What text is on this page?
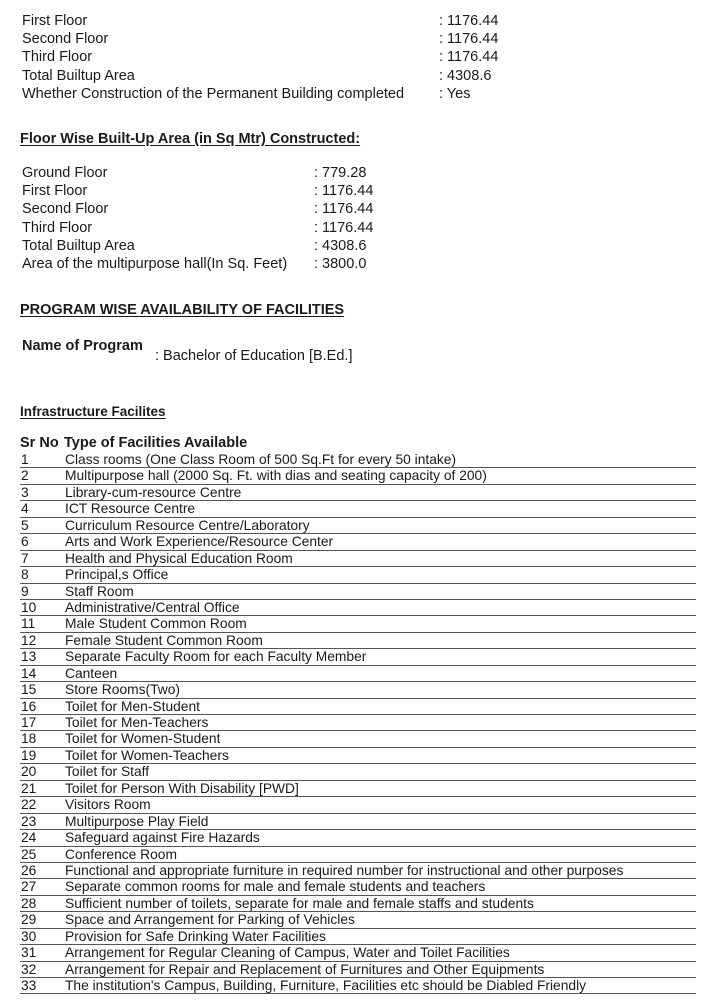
First Floor	: 1176.44
Second Floor	: 1176.44
Third Floor	: 1176.44
Total Builtup Area	: 4308.6
Whether Construction of the Permanent Building completed	: Yes
Floor Wise Built-Up Area (in Sq Mtr) Constructed:
Ground Floor	: 779.28
First Floor	: 1176.44
Second Floor	: 1176.44
Third Floor	: 1176.44
Total Builtup Area	: 4308.6
Area of the multipurpose hall(In Sq. Feet)	: 3800.0
PROGRAM WISE AVAILABILITY OF FACILITIES
Name of Program
: Bachelor of Education [B.Ed.]
Infrastructure Facilites
Sr No Type of Facilities Available
1	Class rooms (One Class Room of 500 Sq.Ft for every 50 intake)
2	Multipurpose hall (2000 Sq. Ft. with dias and seating capacity of 200)
3	Library-cum-resource Centre
4	ICT Resource Centre
5	Curriculum Resource Centre/Laboratory
6	Arts and Work Experience/Resource Center
7	Health and Physical Education Room
8	Principal,s Office
9	Staff Room
10	Administrative/Central Office
11	Male Student Common Room
12	Female Student Common Room
13	Separate Faculty Room for each Faculty Member
14	Canteen
15	Store Rooms(Two)
16	Toilet for Men-Student
17	Toilet for Men-Teachers
18	Toilet for Women-Student
19	Toilet for Women-Teachers
20	Toilet for Staff
21	Toilet for Person With Disability [PWD]
22	Visitors Room
23	Multipurpose Play Field
24	Safeguard against Fire Hazards
25	Conference Room
26	Functional and appropriate furniture in required number for instructional and other purposes
27	Separate common rooms for male and female students and teachers
28	Sufficient number of toilets, separate for male and female staffs and students
29	Space and Arrangement for Parking of Vehicles
30	Provision for Safe Drinking Water Facilities
31	Arrangement for Regular Cleaning of Campus, Water and Toilet Facilities
32	Arrangement for Repair and Replacement of Furnitures and Other Equipments
33	The institution's Campus, Building, Furniture, Facilities etc should be Diabled Friendly
